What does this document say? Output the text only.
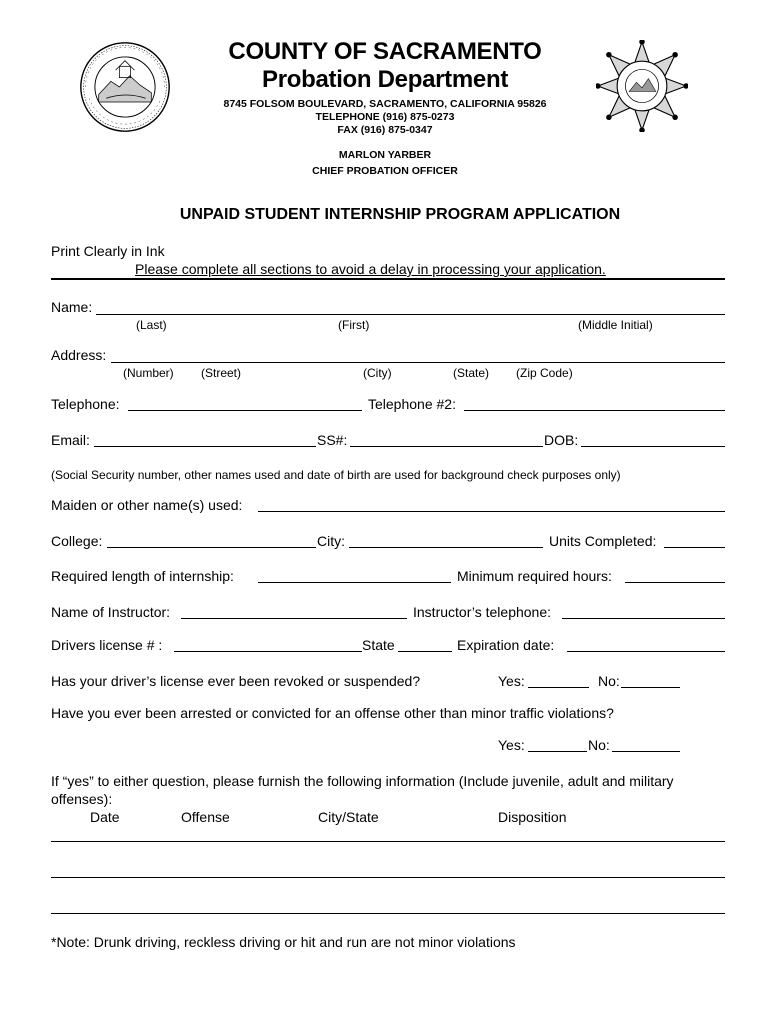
COUNTY OF SACRAMENTO
Probation Department
8745 FOLSOM BOULEVARD, SACRAMENTO, CALIFORNIA 95826
TELEPHONE (916) 875-0273
FAX (916) 875-0347
MARLON YARBER
CHIEF PROBATION OFFICER
UNPAID STUDENT INTERNSHIP PROGRAM APPLICATION
Print Clearly in Ink
Please complete all sections to avoid a delay in processing your application.
Name:
(Last)	(First)	(Middle Initial)
Address:
(Number) (Street)	(City)	(State) (Zip Code)
Telephone:	Telephone #2:
Email:	SS#:	DOB:
(Social Security number, other names used and date of birth are used for background check purposes only)
Maiden or other name(s) used:
College:	City:	Units Completed:
Required length of internship:	Minimum required hours:
Name of Instructor:	Instructor’s telephone:
Drivers license # :	State	Expiration date:
Has your driver’s license ever been revoked or suspended?	Yes:	No:
Have you ever been arrested or convicted for an offense other than minor traffic violations?
Yes:	No:
If “yes” to either question, please furnish the following information (Include juvenile, adult and military
offenses):
Date	Offense	City/State	Disposition
*Note: Drunk driving, reckless driving or hit and run are not minor violations
